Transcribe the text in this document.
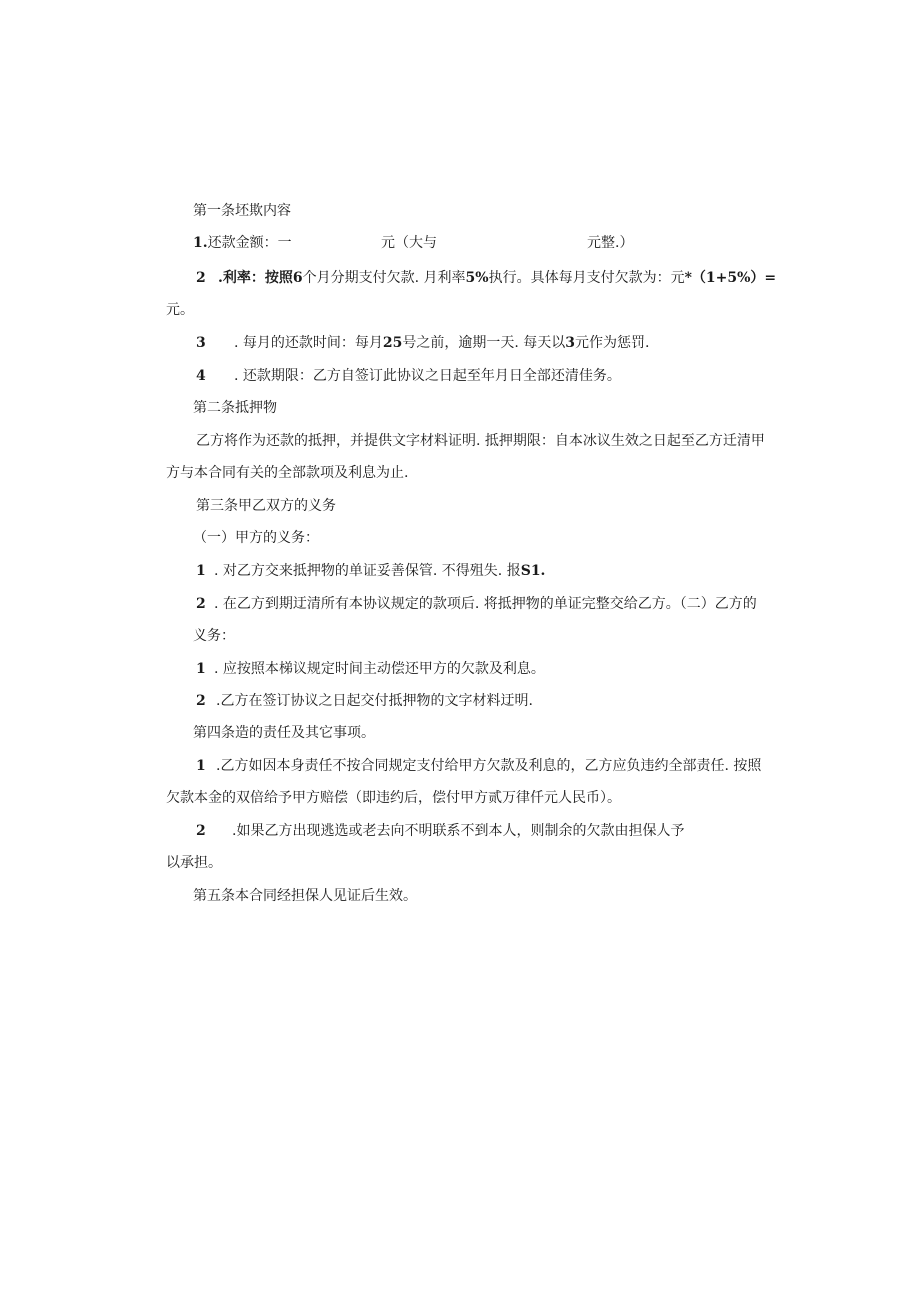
第一条坯欺内容

1.还款金额：一	元（大与	元整.）

2 .利率：按照6个月分期支付欠款. 月利率5%执行。具体每月支付欠款为：元*（1+5%）=

元。

3 . 每月的还款时间：每月25号之前，逾期一天. 每天以3元作为惩罚.

4 . 还款期限：乙方自签订此协议之日起至年月日全部还清佳务。

第二条抵押物

乙方将作为还款的抵押，并提供文字材料证明. 抵押期限：自本冰议生效之日起至乙方迁清甲

方与本合同有关的全部款项及利息为止.

第三条甲乙双方的义务

（一）甲方的义务：

1 . 对乙方交来抵押物的单证妥善保管. 不得殂失. 报S1.

2 . 在乙方到期迂清所有本协议规定的款项后. 将抵押物的单证完整交给乙方。（二）乙方的

义务：

1 . 应按照本梯议规定时间主动偿还甲方的欠款及利息。

2 .乙方在签订协议之日起交付抵押物的文字材料迂明.

第四条造的责任及其它事项。

1 .乙方如因本身责任不按合同规定支付给甲方欠款及利息的，乙方应负违约全部责任. 按照

欠款本金的双倍给予甲方赔偿（即违约后，偿付甲方贰万律仟元人民币）。

2 .如果乙方出现逃选或老去向不明联系不到本人，则制余的欠款由担保人予

以承担。

第五条本合同经担保人见证后生效。
